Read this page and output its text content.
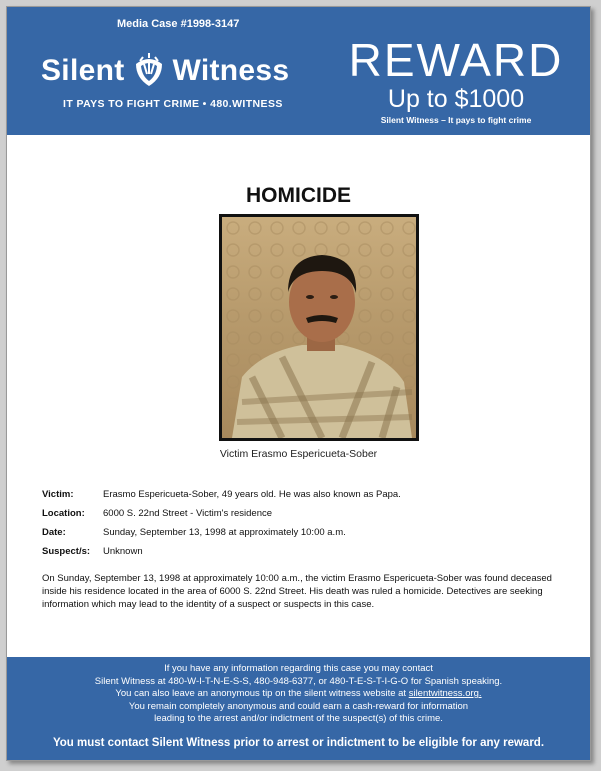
Media Case #1998-3147
Silent Witness
IT PAYS TO FIGHT CRIME • 480.WITNESS
REWARD
Up to $1000
Silent Witness – It pays to fight crime
HOMICIDE
Victim Erasmo Espericueta-Sober
Victim:	Erasmo Espericueta-Sober, 49 years old. He was also known as Papa.
Location:	6000 S. 22nd Street - Victim's residence
Date:	Sunday, September 13, 1998 at approximately 10:00 a.m.
Suspect/s:	Unknown
On Sunday, September 13, 1998 at approximately 10:00 a.m., the victim Erasmo Espericueta-Sober was found deceased inside his residence located in the area of 6000 S. 22nd Street. His death was ruled a homicide. Detectives are seeking information which may lead to the identity of a suspect or suspects in this case.
If you have any information regarding this case you may contact
Silent Witness at 480-W-I-T-N-E-S-S, 480-948-6377, or 480-T-E-S-T-I-G-O for Spanish speaking.
You can also leave an anonymous tip on the silent witness website at silentwitness.org.
You remain completely anonymous and could earn a cash-reward for information
leading to the arrest and/or indictment of the suspect(s) of this crime.
You must contact Silent Witness prior to arrest or indictment to be eligible for any reward.
